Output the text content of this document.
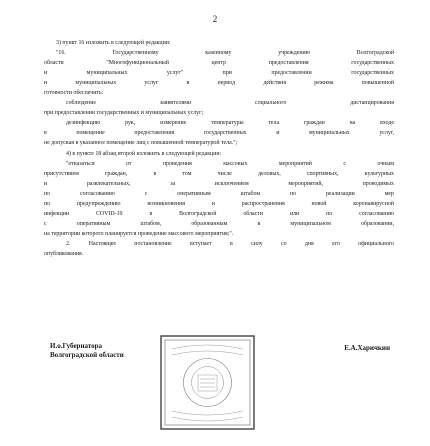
2
3) пункт 16 изложить в следующей редакции:
"16. Государственному казенному учреждению Волгоградской
области "Многофункциональный центр предоставления государственных
и муниципальных услуг" при предоставлении государственных
и муниципальных услуг в период действия режима повышенной
готовности обеспечить:
соблюдение заявителями социального дистанцирования
при предоставлении государственных и муниципальных услуг;
дезинфекцию рук, измерение температуры тела граждан на входе
в помещение предоставления государственных и муниципальных услуг,
не допуская в указанное помещение лиц с повышенной температурой тела.";
4) в пункте 18 абзац второй изложить в следующей редакции:
"отказаться от проведения массовых мероприятий с очным
присутствием граждан, в том числе деловых, спортивных, культурных
и развлекательных, за исключением мероприятий, проводимых
по согласованию с оперативным штабом по реализации мер
по предупреждению возникновения и распространения новой коронавирусной
инфекции COVID-19 в Волгоградской области или по согласованию
с оперативным штабом, образованным в муниципальном образовании,
на территории которого планируется проведение массового мероприятия;".
2. Настоящее постановление вступает в силу со дня его официального
опубликования.
И.о.Губернатора
Волгоградской области
Е.А.Харичкин
